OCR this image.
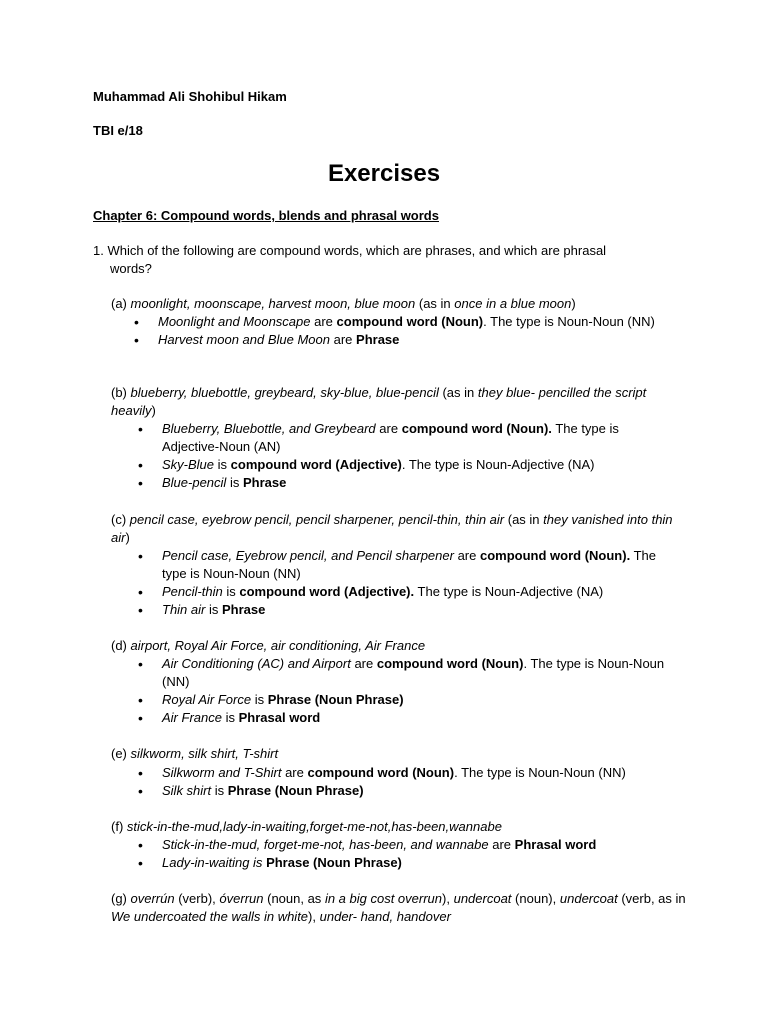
Muhammad Ali Shohibul Hikam
TBI e/18
Exercises
Chapter 6: Compound words, blends and phrasal words
1. Which of the following are compound words, which are phrases, and which are phrasal
words?
(a) moonlight, moonscape, harvest moon, blue moon (as in once in a blue moon)
• Moonlight and Moonscape are compound word (Noun). The type is Noun-Noun (NN)
• Harvest moon and Blue Moon are Phrase
(b) blueberry, bluebottle, greybeard, sky-blue, blue-pencil (as in they blue- pencilled the script heavily)
• Blueberry, Bluebottle, and Greybeard are compound word (Noun). The type is Adjective-Noun (AN)
• Sky-Blue is compound word (Adjective). The type is Noun-Adjective (NA)
• Blue-pencil is Phrase
(c) pencil case, eyebrow pencil, pencil sharpener, pencil-thin, thin air (as in they vanished into thin air)
• Pencil case, Eyebrow pencil, and Pencil sharpener are compound word (Noun). The type is Noun-Noun (NN)
• Pencil-thin is compound word (Adjective). The type is Noun-Adjective (NA)
• Thin air is Phrase
(d) airport, Royal Air Force, air conditioning, Air France
• Air Conditioning (AC) and Airport are compound word (Noun). The type is Noun-Noun (NN)
• Royal Air Force is Phrase (Noun Phrase)
• Air France is Phrasal word
(e) silkworm, silk shirt, T-shirt
• Silkworm and T-Shirt are compound word (Noun). The type is Noun-Noun (NN)
• Silk shirt is Phrase (Noun Phrase)
(f) stick-in-the-mud,lady-in-waiting,forget-me-not,has-been,wannabe
• Stick-in-the-mud, forget-me-not, has-been, and wannabe are Phrasal word
• Lady-in-waiting is Phrase (Noun Phrase)
(g) overrún (verb), óverrun (noun, as in a big cost overrun), undercoat (noun), undercoat (verb, as in We undercoated the walls in white), under- hand, handover
